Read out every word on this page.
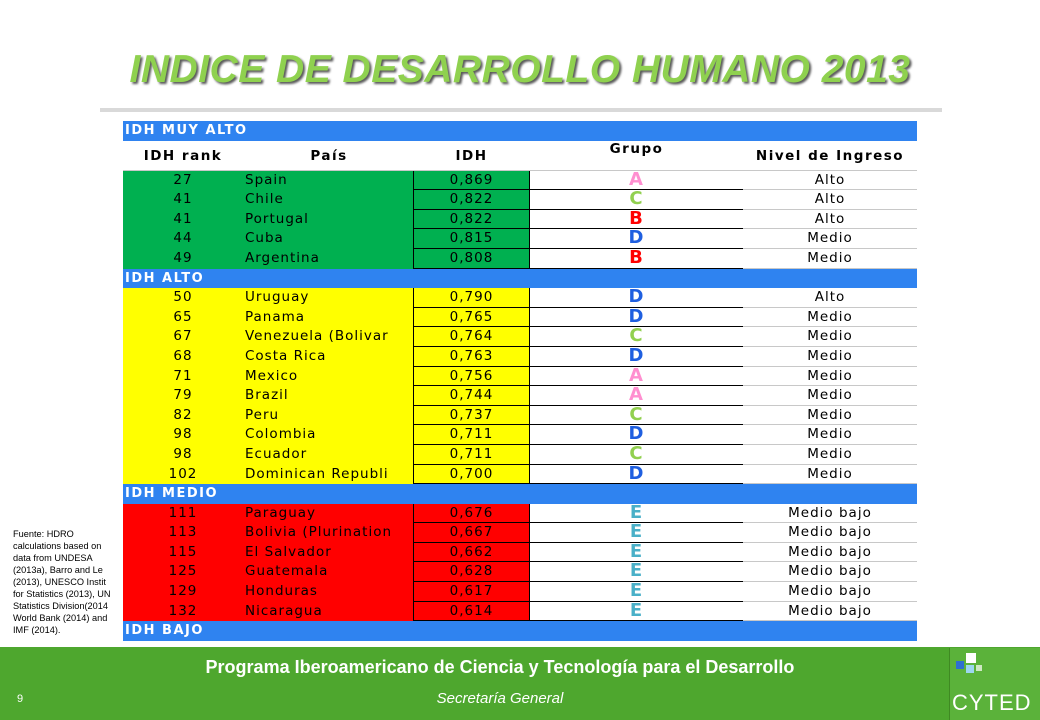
INDICE DE DESARROLLO HUMANO 2013
IDH MUY ALTO
IDH rank	País	IDH	Grupo	Nivel de Ingreso
27	Spain	0,869	A	Alto
41	Chile	0,822	C	Alto
41	Portugal	0,822	B	Alto
44	Cuba	0,815	D	Medio
49	Argentina	0,808	B	Medio
IDH ALTO
50	Uruguay	0,790	D	Alto
65	Panama	0,765	D	Medio
67	Venezuela (Bolivar	0,764	C	Medio
68	Costa Rica	0,763	D	Medio
71	Mexico	0,756	A	Medio
79	Brazil	0,744	A	Medio
82	Peru	0,737	C	Medio
98	Colombia	0,711	D	Medio
98	Ecuador	0,711	C	Medio
102	Dominican Republi	0,700	D	Medio
IDH MEDIO
111	Paraguay	0,676	E	Medio bajo
113	Bolivia (Plurination	0,667	E	Medio bajo
115	El Salvador	0,662	E	Medio bajo
125	Guatemala	0,628	E	Medio bajo
129	Honduras	0,617	E	Medio bajo
132	Nicaragua	0,614	E	Medio bajo
IDH BAJO
Fuente: HDRO
calculations based on
data from UNDESA
(2013a), Barro and Le
(2013), UNESCO Instit
for Statistics (2013), UN
Statistics Division(2014
World Bank (2014) and
IMF (2014).
Programa Iberoamericano de Ciencia y Tecnología para el Desarrollo
Secretaría General
9	CYTED
